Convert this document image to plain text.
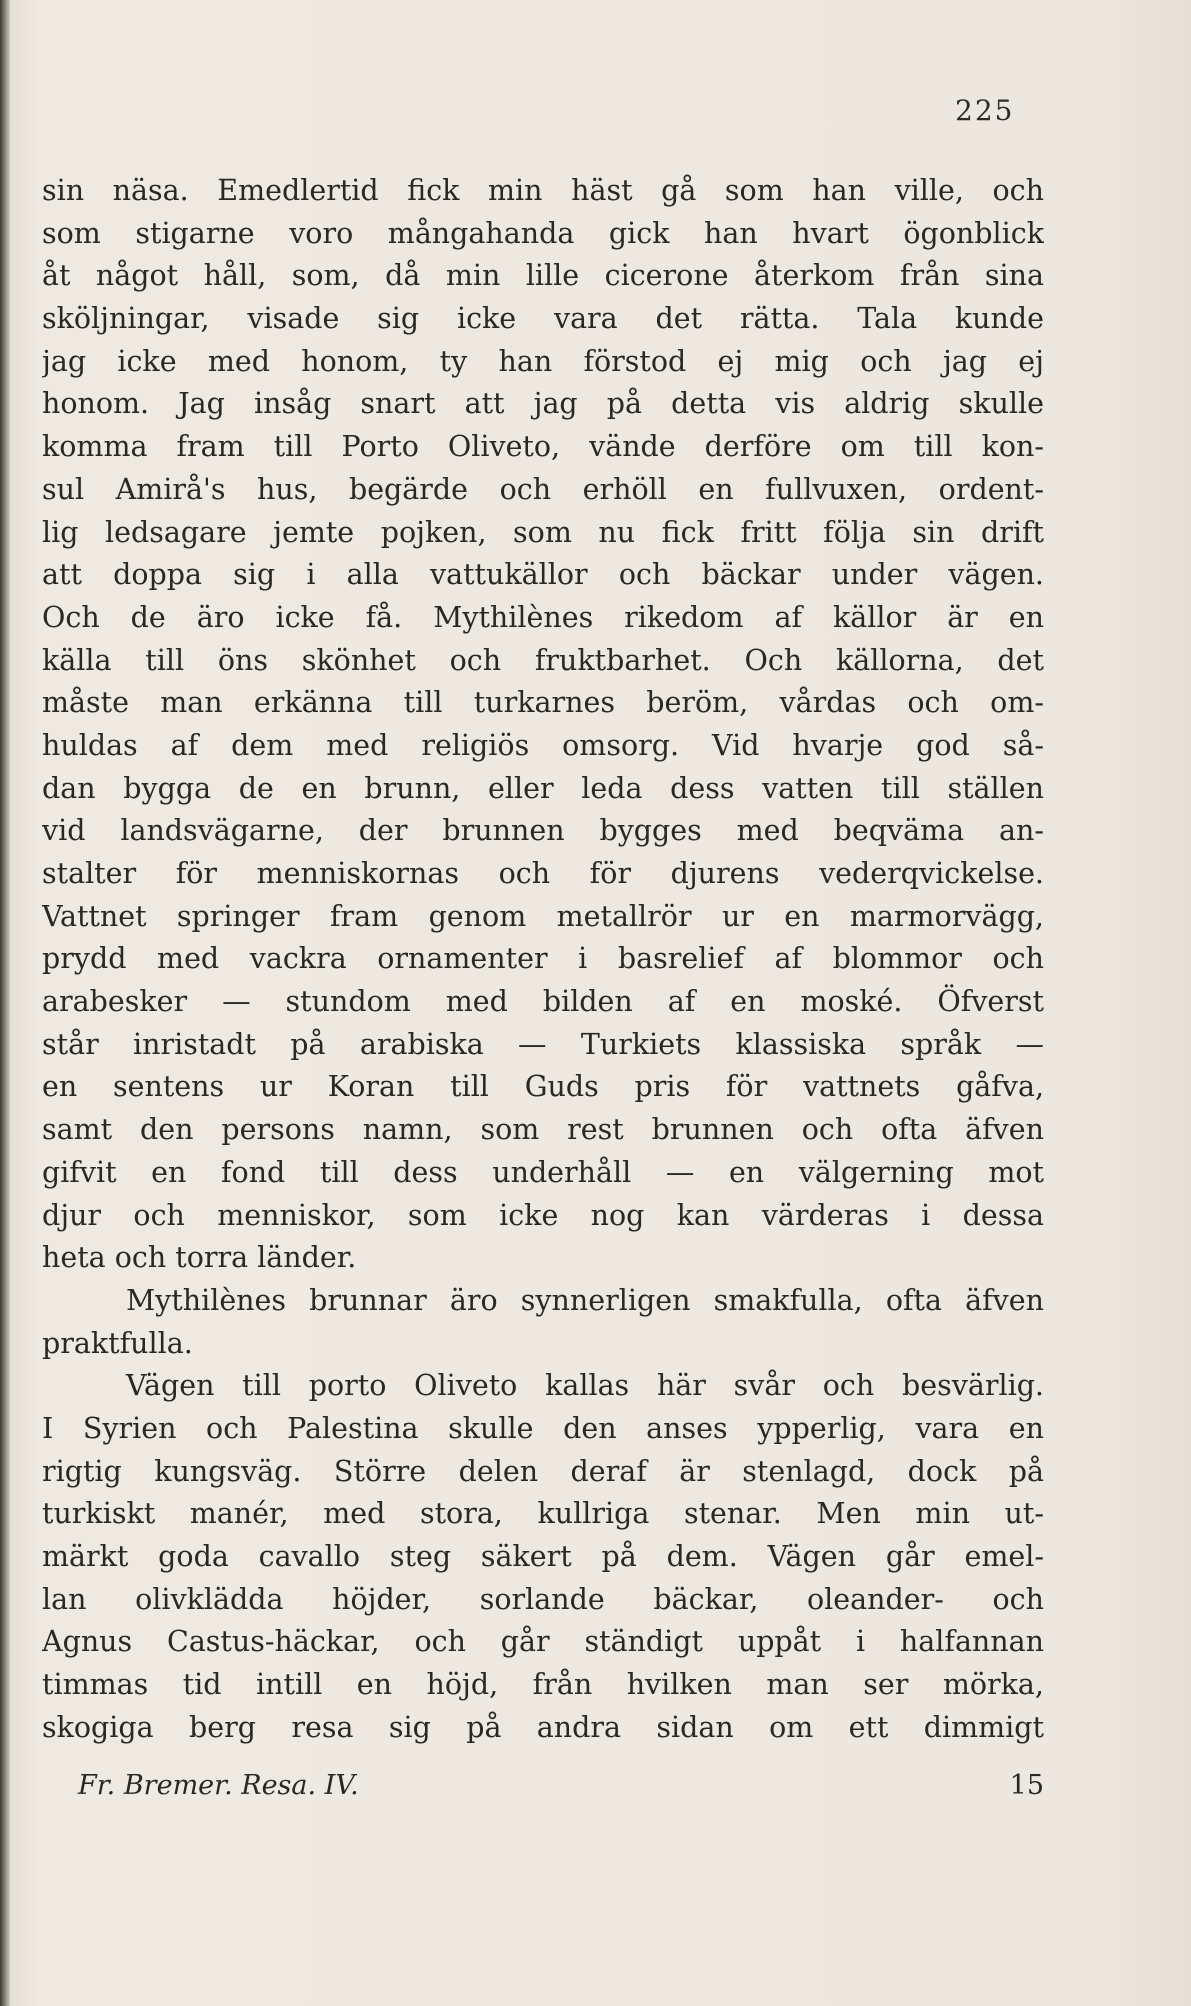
225
sin näsa. Emedlertid fick min häst gå som han ville, och
som stigarne voro mångahanda gick han hvart ögonblick
åt något håll, som, då min lille cicerone återkom från sina
sköljningar, visade sig icke vara det rätta. Tala kunde
jag icke med honom, ty han förstod ej mig och jag ej
honom. Jag insåg snart att jag på detta vis aldrig skulle
komma fram till Porto Oliveto, vände derföre om till kon-
sul Amirå's hus, begärde och erhöll en fullvuxen, ordent-
lig ledsagare jemte pojken, som nu fick fritt följa sin drift
att doppa sig i alla vattukällor och bäckar under vägen.
Och de äro icke få. Mythilènes rikedom af källor är en
källa till öns skönhet och fruktbarhet. Och källorna, det
måste man erkänna till turkarnes beröm, vårdas och om-
huldas af dem med religiös omsorg. Vid hvarje god så-
dan bygga de en brunn, eller leda dess vatten till ställen
vid landsvägarne, der brunnen bygges med beqväma an-
stalter för menniskornas och för djurens vederqvickelse.
Vattnet springer fram genom metallrör ur en marmorvägg,
prydd med vackra ornamenter i basrelief af blommor och
arabesker — stundom med bilden af en moské. Öfverst
står inristadt på arabiska — Turkiets klassiska språk —
en sentens ur Koran till Guds pris för vattnets gåfva,
samt den persons namn, som rest brunnen och ofta äfven
gifvit en fond till dess underhåll — en välgerning mot
djur och menniskor, som icke nog kan värderas i dessa
heta och torra länder.
Mythilènes brunnar äro synnerligen smakfulla, ofta äfven
praktfulla.
Vägen till porto Oliveto kallas här svår och besvärlig.
I Syrien och Palestina skulle den anses ypperlig, vara en
rigtig kungsväg. Större delen deraf är stenlagd, dock på
turkiskt manér, med stora, kullriga stenar. Men min ut-
märkt goda cavallo steg säkert på dem. Vägen går emel-
lan olivklädda höjder, sorlande bäckar, oleander- och
Agnus Castus-häckar, och går ständigt uppåt i halfannan
timmas tid intill en höjd, från hvilken man ser mörka,
skogiga berg resa sig på andra sidan om ett dimmigt
Fr. Bremer. Resa. IV.	15
